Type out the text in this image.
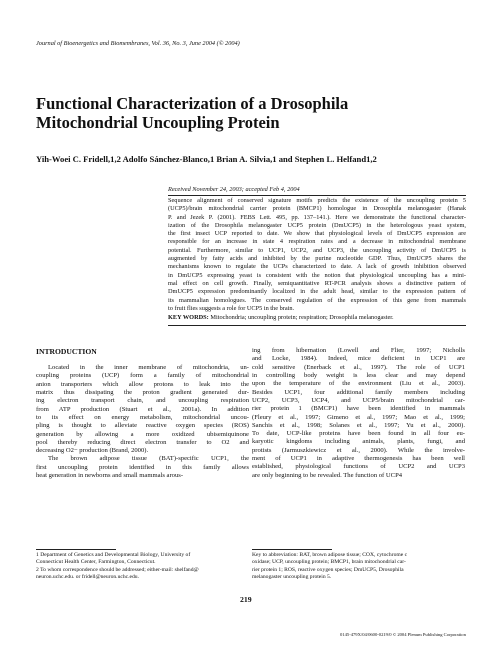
Journal of Bioenergetics and Biomembranes, Vol. 36, No. 3, June 2004 (© 2004)
Functional Characterization of a Drosophila
Mitochondrial Uncoupling Protein
Yih-Woei C. Fridell,1,2 Adolfo Sánchez-Blanco,1 Brian A. Silvia,1 and Stephen L. Helfand1,2
Received November 24, 2003; accepted Feb 4, 2004
Sequence alignment of conserved signature motifs predicts the existence of the uncoupling protein 5
(UCP5)/brain mitochondrial carrier protein (BMCP1) homologue in Drosophila melanogaster (Hanak
P. and Jezek P. (2001). FEBS Lett. 495, pp. 137–141.). Here we demonstrate the functional character-
ization of the Drosophila melanogaster UCP5 protein (DmUCP5) in the heterologous yeast system,
the first insect UCP reported to date. We show that physiological levels of DmUCP5 expression are
responsible for an increase in state 4 respiration rates and a decrease in mitochondrial membrane
potential. Furthermore, similar to UCP1, UCP2, and UCP3, the uncoupling activity of DmUCP5 is
augmented by fatty acids and inhibited by the purine nucleotide GDP. Thus, DmUCP5 shares the
mechanisms known to regulate the UCPs characterized to date. A lack of growth inhibition observed
in DmUCP5 expressing yeast is consistent with the notion that physiological uncoupling has a mini-
mal effect on cell growth. Finally, semiquantitative RT-PCR analysis shows a distinctive pattern of
DmUCP5 expression predominantly localized in the adult head, similar to the expression pattern of
its mammalian homologues. The conserved regulation of the expression of this gene from mammals
to fruit flies suggests a role for UCP5 in the brain.
KEY WORDS: Mitochondria; uncoupling protein; respiration; Drosophila melanogaster.
INTRODUCTION
Located in the inner membrane of mitochondria, un-
coupling proteins (UCP) form a family of mitochondrial
anion transporters which allow protons to leak into the
matrix thus dissipating the proton gradient generated dur-
ing electron transport chain, and uncoupling respiration
from ATP production (Stuart et al., 2001a). In addition
to its effect on energy metabolism, mitochondrial uncou-
pling is thought to alleviate reactive oxygen species (ROS)
generation by allowing a more oxidized ubisemiquinone
pool thereby reducing direct electron transfer to O2 and
decreasing O2− production (Brand, 2000).
The brown adipose tissue (BAT)-specific UCP1, the
first uncoupling protein identified in this family allows
heat generation in newborns and small mammals arous-
ing from hibernation (Lowell and Flier, 1997; Nicholls
and Locke, 1984). Indeed, mice deficient in UCP1 are
cold sensitive (Enerback et al., 1997). The role of UCP1
in controlling body weight is less clear and may depend
upon the temperature of the environment (Liu et al., 2003).
Besides UCP1, four additional family members including
UCP2, UCP3, UCP4, and UCP5/brain mitochondrial car-
rier protein 1 (BMCP1) have been identified in mammals
(Fleury et al., 1997; Gimeno et al., 1997; Mao et al., 1999;
Sanchis et al., 1998; Solanes et al., 1997; Yu et al., 2000).
To date, UCP-like proteins have been found in all four eu-
karyotic kingdoms including animals, plants, fungi, and
protists (Jarmuszkiewicz et al., 2000). While the involve-
ment of UCP1 in adaptive thermogenesis has been well
established, physiological functions of UCP2 and UCP3
are only beginning to be revealed. The function of UCP4
1 Department of Genetics and Developmental Biology, University of
Connecticut Health Center, Farmington, Connecticut.
2 To whom correspondence should be addressed; either-mail: shelfand@
neuron.uchc.edu. or fridell@neuron.uchc.edu.
Key to abbreviation: BAT, brown adipose tissue; COX, cytochrome c
oxidase; UCP, uncoupling protein; BMCP1, brain mitochondrial car-
rier protein 1; ROS, reactive oxygen species; DmUCP5, Drosophila
melanogaster uncoupling protein 5.
219
0145-479X/04/0600-0219/0 © 2004 Plenum Publishing Corporation
